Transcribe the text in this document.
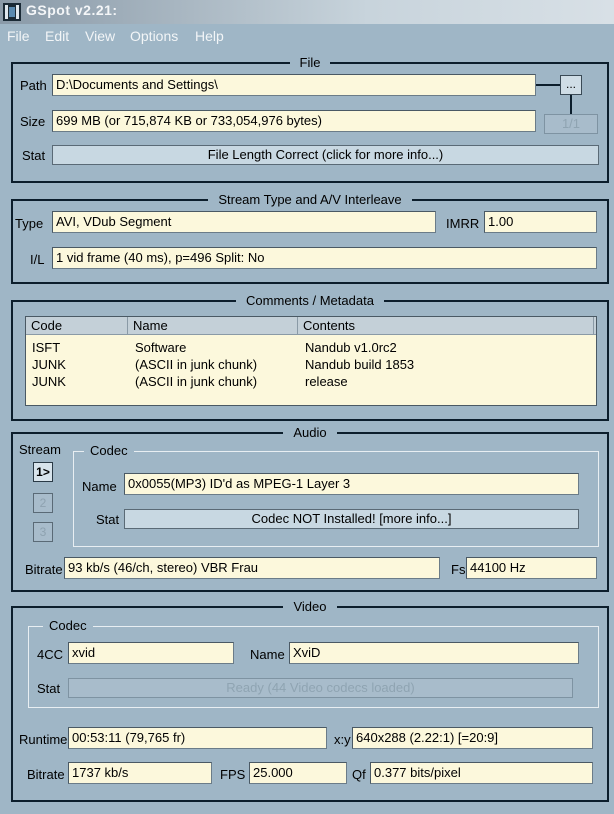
GSpot v2.21:
File Edit View Options Help
File
Path D:\Documents and Settings\	...
Size 699 MB (or 715,874 KB or 733,054,976 bytes)	1/1
Stat	File Length Correct (click for more info...)
Stream Type and A/V Interleave
Type AVI, VDub Segment	IMRR 1.00
I/L 1 vid frame (40 ms), p=496 Split: No
Comments / Metadata
Code	Name	Contents
ISFT	Software	Nandub v1.0rc2
JUNK	(ASCII in junk chunk)	Nandub build 1853
JUNK	(ASCII in junk chunk)	release
Audio
Stream
1>
2
3
Codec
Name 0x0055(MP3) ID'd as MPEG-1 Layer 3
Stat	Codec NOT Installed! [more info...]
Bitrate 93 kb/s (46/ch, stereo) VBR Frau	Fs 44100 Hz
Video
Codec
4CC xvid	Name XviD
Stat	Ready (44 Video codecs loaded)
Runtime 00:53:11 (79,765 fr)	x:y 640x288 (2.22:1) [=20:9]
Bitrate 1737 kb/s	FPS 25.000	Qf 0.377 bits/pixel
